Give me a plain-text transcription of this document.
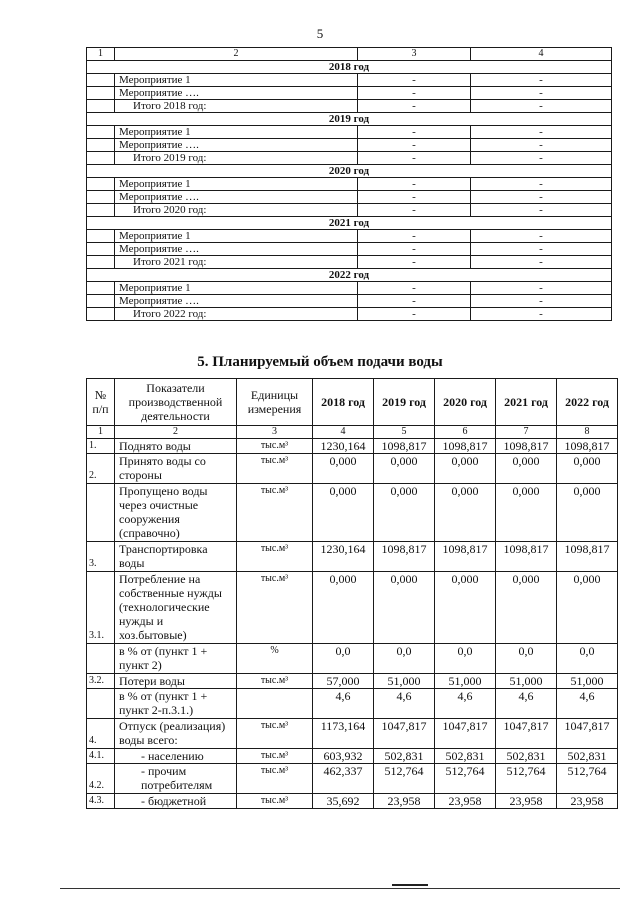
5
1	2	3	4
2018 год			
	Мероприятие 1	-	-
	Мероприятие ….	-	-
	Итого 2018 год:	-	-
2019 год			
	Мероприятие 1	-	-
	Мероприятие ….	-	-
	Итого 2019 год:	-	-
2020 год			
	Мероприятие 1	-	-
	Мероприятие ….	-	-
	Итого 2020 год:	-	-
2021 год			
	Мероприятие 1	-	-
	Мероприятие ….	-	-
	Итого 2021 год:	-	-
2022 год			
	Мероприятие 1	-	-
	Мероприятие ….	-	-
	Итого 2022 год:	-	-
5. Планируемый объем подачи воды
№ п/п	Показатели производственной деятельности	Единицы измерения	2018 год	2019 год	2020 год	2021 год	2022 год
1	2	3	4	5	6	7	8
1.	Поднято воды	тыс.м³	1230,164	1098,817	1098,817	1098,817	1098,817
2.	Принято воды со стороны	тыс.м³	0,000	0,000	0,000	0,000	0,000
	Пропущено воды через очистные сооружения (справочно)	тыс.м³	0,000	0,000	0,000	0,000	0,000
3.	Транспортировка воды	тыс.м³	1230,164	1098,817	1098,817	1098,817	1098,817
3.1.	Потребление на собственные нужды (технологические нужды и хоз.бытовые)	тыс.м³	0,000	0,000	0,000	0,000	0,000
	в % от (пункт 1 + пункт 2)	%	0,0	0,0	0,0	0,0	0,0
3.2.	Потери воды	тыс.м³	57,000	51,000	51,000	51,000	51,000
	в % от (пункт 1 + пункт 2-п.3.1.)		4,6	4,6	4,6	4,6	4,6
4.	Отпуск (реализация) воды всего:	тыс.м³	1173,164	1047,817	1047,817	1047,817	1047,817
4.1.	- населению	тыс.м³	603,932	502,831	502,831	502,831	502,831
4.2.	- прочим потребителям	тыс.м³	462,337	512,764	512,764	512,764	512,764
4.3.	- бюджетной	тыс.м³	35,692	23,958	23,958	23,958	23,958
